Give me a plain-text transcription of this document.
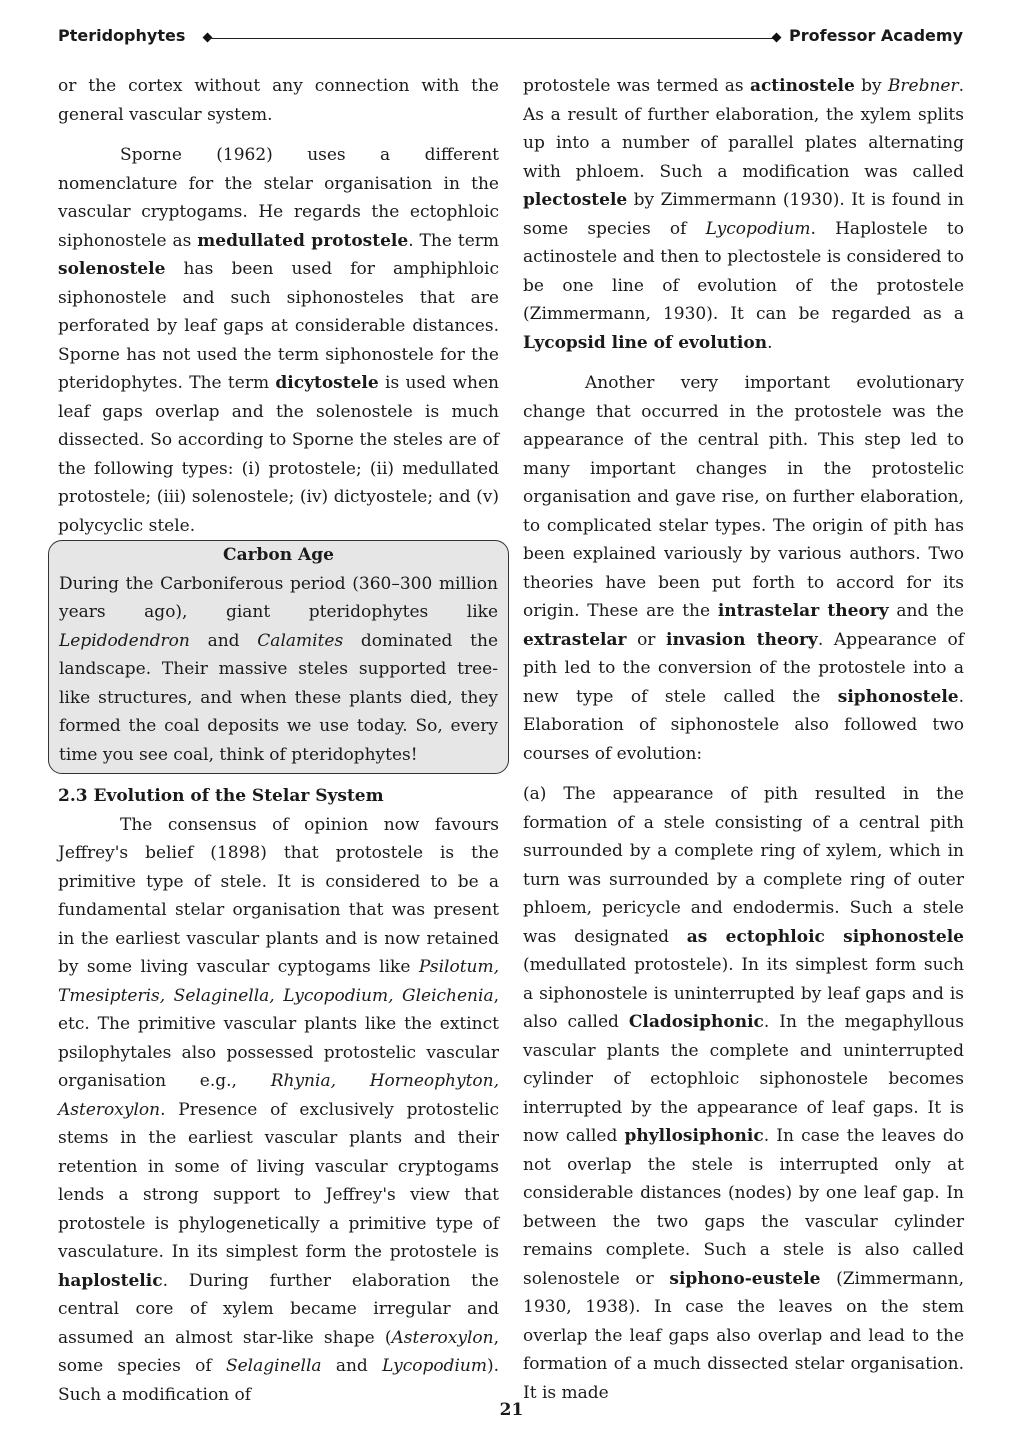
Pteridophytes	Professor Academy

or the cortex without any connection with the general vascular system.

Sporne (1962) uses a different nomenclature for the stelar organisation in the vascular cryptogams. He regards the ectophloic siphonostele as medullated protostele. The term solenostele has been used for amphiphloic siphonostele and such siphonosteles that are perforated by leaf gaps at considerable distances. Sporne has not used the term siphonostele for the pteridophytes. The term dicytostele is used when leaf gaps overlap and the solenostele is much dissected. So according to Sporne the steles are of the following types: (i) protostele; (ii) medullated protostele; (iii) solenostele; (iv) dictyostele; and (v) polycyclic stele.

Carbon Age

During the Carboniferous period (360–300 million years ago), giant pteridophytes like Lepidodendron and Calamites dominated the landscape. Their massive steles supported tree-like structures, and when these plants died, they formed the coal deposits we use today. So, every time you see coal, think of pteridophytes!

2.3 Evolution of the Stelar System

The consensus of opinion now favours Jeffrey's belief (1898) that protostele is the primitive type of stele. It is considered to be a fundamental stelar organisation that was present in the earliest vascular plants and is now retained by some living vascular cyptogams like Psilotum, Tmesipteris, Selaginella, Lycopodium, Gleichenia, etc. The primitive vascular plants like the extinct psilophytales also possessed protostelic vascular organisation e.g., Rhynia, Horneophyton, Asteroxylon. Presence of exclusively protostelic stems in the earliest vascular plants and their retention in some of living vascular cryptogams lends a strong support to Jeffrey's view that protostele is phylogenetically a primitive type of vasculature. In its simplest form the protostele is haplostelic. During further elaboration the central core of xylem became irregular and assumed an almost star-like shape (Asteroxylon, some species of Selaginella and Lycopodium). Such a modification of

protostele was termed as actinostele by Brebner. As a result of further elaboration, the xylem splits up into a number of parallel plates alternating with phloem. Such a modification was called plectostele by Zimmermann (1930). It is found in some species of Lycopodium. Haplostele to actinostele and then to plectostele is considered to be one line of evolution of the protostele (Zimmermann, 1930). It can be regarded as a Lycopsid line of evolution.

Another very important evolutionary change that occurred in the protostele was the appearance of the central pith. This step led to many important changes in the protostelic organisation and gave rise, on further elaboration, to complicated stelar types. The origin of pith has been explained variously by various authors. Two theories have been put forth to accord for its origin. These are the intrastelar theory and the extrastelar or invasion theory. Appearance of pith led to the conversion of the protostele into a new type of stele called the siphonostele. Elaboration of siphonostele also followed two courses of evolution:

(a) The appearance of pith resulted in the formation of a stele consisting of a central pith surrounded by a complete ring of xylem, which in turn was surrounded by a complete ring of outer phloem, pericycle and endodermis. Such a stele was designated as ectophloic siphonostele (medullated protostele). In its simplest form such a siphonostele is uninterrupted by leaf gaps and is also called Cladosiphonic. In the megaphyllous vascular plants the complete and uninterrupted cylinder of ectophloic siphonostele becomes interrupted by the appearance of leaf gaps. It is now called phyllosiphonic. In case the leaves do not overlap the stele is interrupted only at considerable distances (nodes) by one leaf gap. In between the two gaps the vascular cylinder remains complete. Such a stele is also called solenostele or siphono-eustele (Zimmermann, 1930, 1938). In case the leaves on the stem overlap the leaf gaps also overlap and lead to the formation of a much dissected stelar organisation. It is made

21
